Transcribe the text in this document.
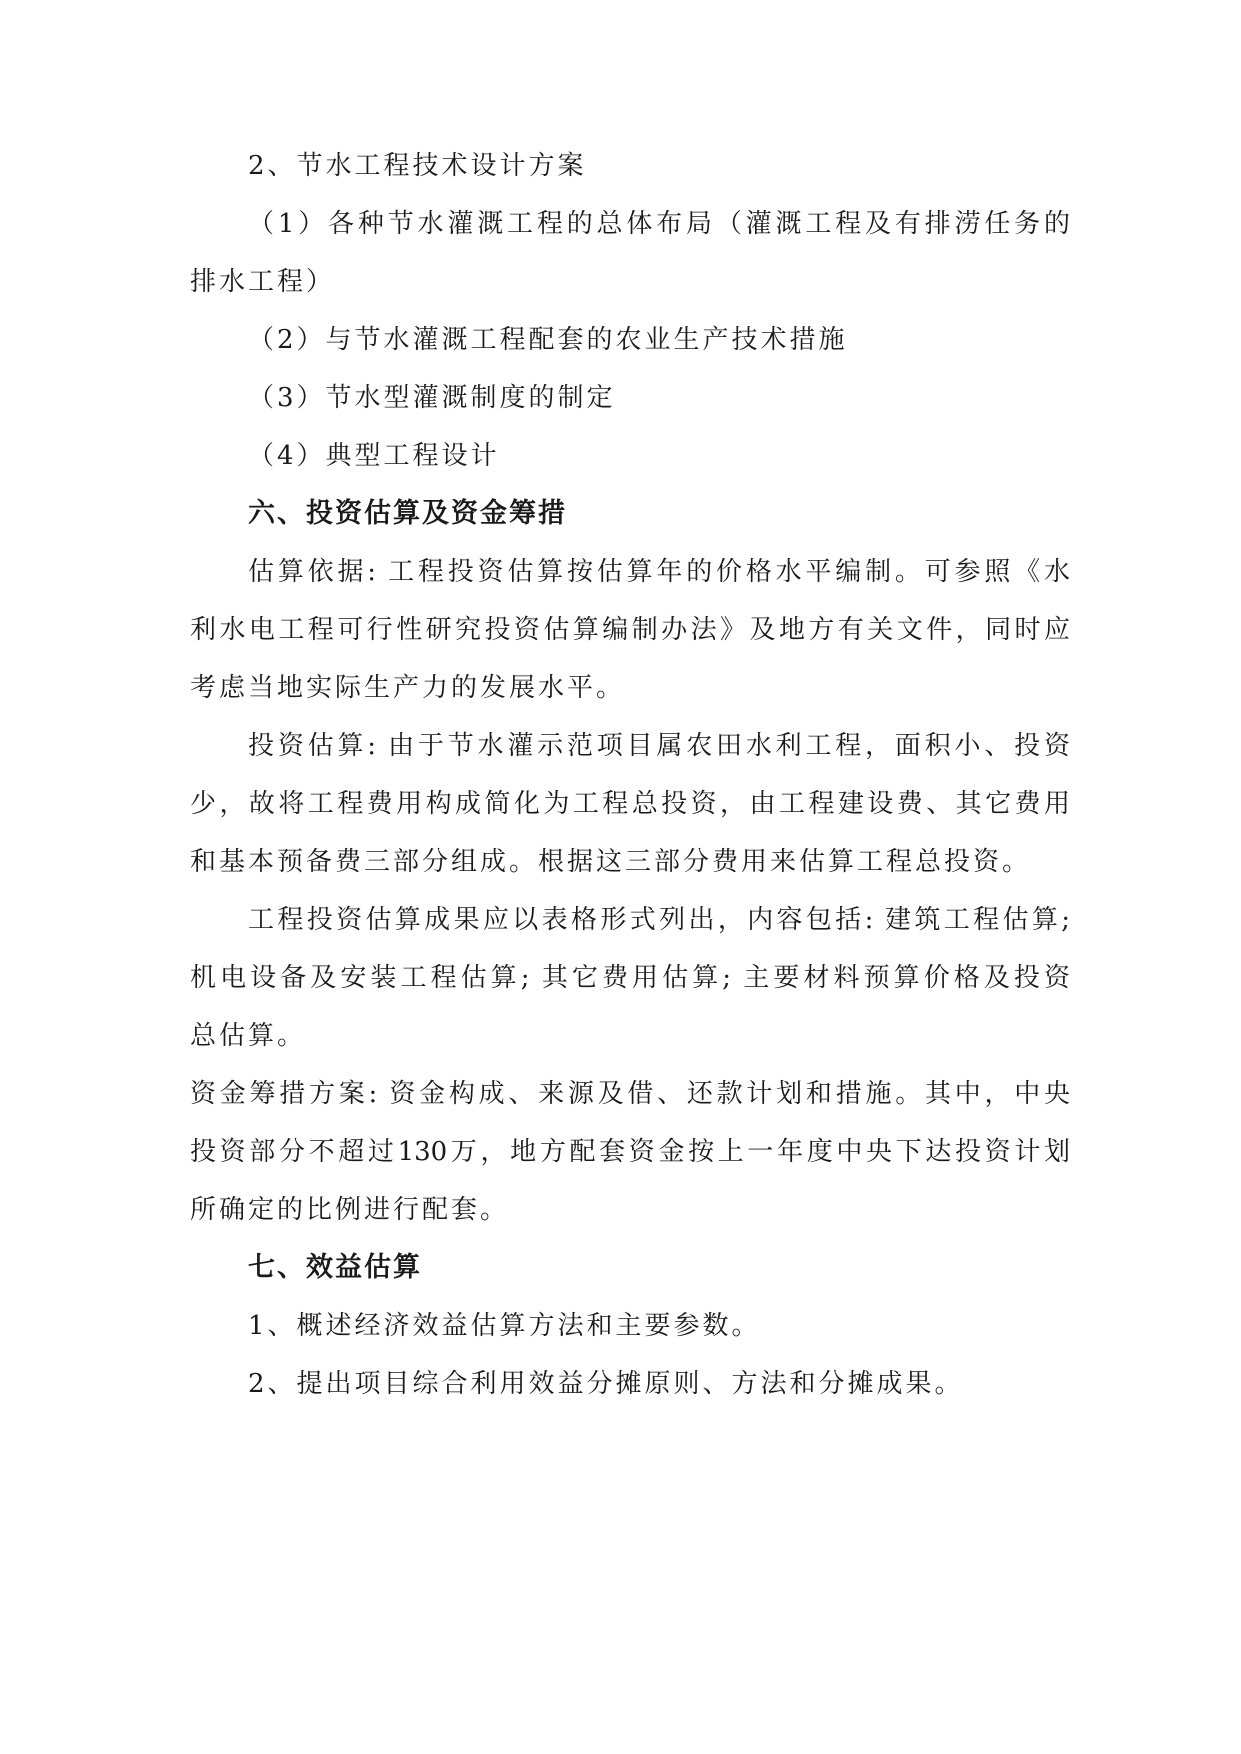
2、节水工程技术设计方案
（1）各种节水灌溉工程的总体布局（灌溉工程及有排涝任务的
排水工程）
（2）与节水灌溉工程配套的农业生产技术措施
（3）节水型灌溉制度的制定
（4）典型工程设计
六、投资估算及资金筹措
估算依据: 工程投资估算按估算年的价格水平编制。可参照《水
利水电工程可行性研究投资估算编制办法》及地方有关文件，同时应
考虑当地实际生产力的发展水平。
投资估算: 由于节水灌示范项目属农田水利工程，面积小、投资
少，故将工程费用构成简化为工程总投资，由工程建设费、其它费用
和基本预备费三部分组成。根据这三部分费用来估算工程总投资。
工程投资估算成果应以表格形式列出，内容包括: 建筑工程估算;
机电设备及安装工程估算; 其它费用估算; 主要材料预算价格及投资
总估算。
资金筹措方案: 资金构成、来源及借、还款计划和措施。其中，中央
投资部分不超过130万，地方配套资金按上一年度中央下达投资计划
所确定的比例进行配套。
七、效益估算
1、概述经济效益估算方法和主要参数。
2、提出项目综合利用效益分摊原则、方法和分摊成果。
